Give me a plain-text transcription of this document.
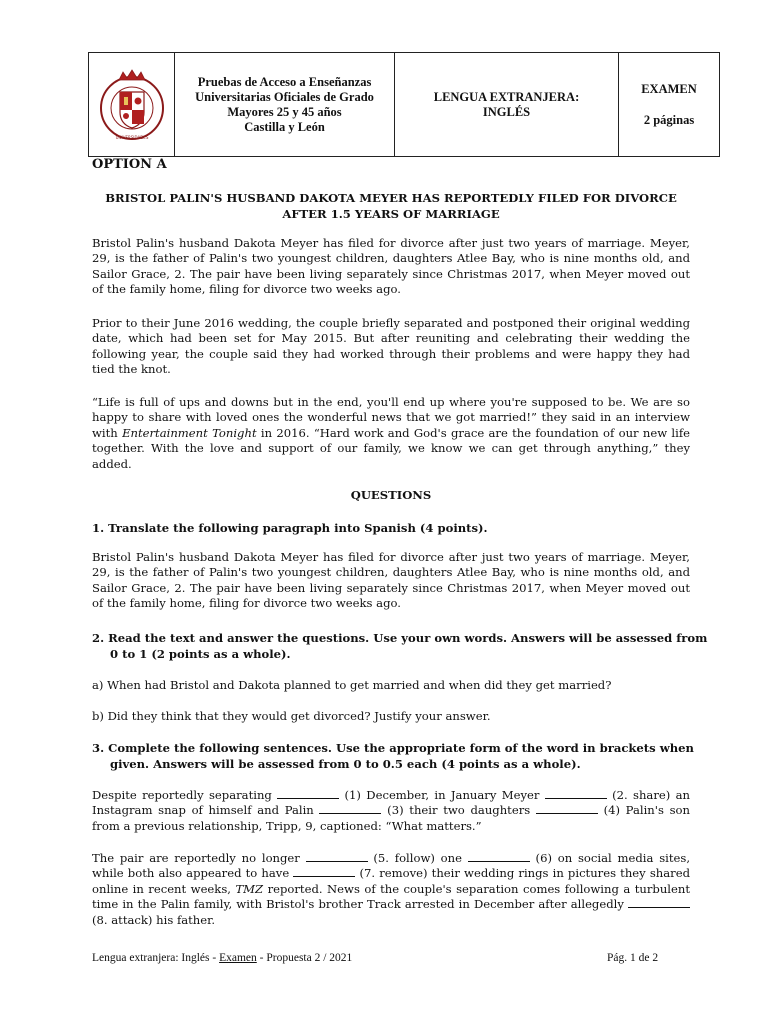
UNIVERSIDADES
Pruebas de Acceso a Enseñanzas
Universitarias Oficiales de Grado
Mayores 25 y 45 años
Castilla y León
LENGUA EXTRANJERA:
INGLÉS
EXAMEN
2 páginas
OPTION A
BRISTOL PALIN'S HUSBAND DAKOTA MEYER HAS REPORTEDLY FILED FOR DIVORCE AFTER 1.5 YEARS OF MARRIAGE
Bristol Palin's husband Dakota Meyer has filed for divorce after just two years of marriage. Meyer, 29, is the father of Palin's two youngest children, daughters Atlee Bay, who is nine months old, and Sailor Grace, 2. The pair have been living separately since Christmas 2017, when Meyer moved out of the family home, filing for divorce two weeks ago.
Prior to their June 2016 wedding, the couple briefly separated and postponed their original wedding date, which had been set for May 2015. But after reuniting and celebrating their wedding the following year, the couple said they had worked through their problems and were happy they had tied the knot.
“Life is full of ups and downs but in the end, you'll end up where you're supposed to be. We are so happy to share with loved ones the wonderful news that we got married!” they said in an interview with Entertainment Tonight in 2016. “Hard work and God's grace are the foundation of our new life together. With the love and support of our family, we know we can get through anything,” they added.
QUESTIONS
1. Translate the following paragraph into Spanish (4 points).
Bristol Palin's husband Dakota Meyer has filed for divorce after just two years of marriage. Meyer, 29, is the father of Palin's two youngest children, daughters Atlee Bay, who is nine months old, and Sailor Grace, 2. The pair have been living separately since Christmas 2017, when Meyer moved out of the family home, filing for divorce two weeks ago.
2. Read the text and answer the questions. Use your own words. Answers will be assessed from
0 to 1 (2 points as a whole).
a) When had Bristol and Dakota planned to get married and when did they get married?
b) Did they think that they would get divorced? Justify your answer.
3. Complete the following sentences. Use the appropriate form of the word in brackets when
given. Answers will be assessed from 0 to 0.5 each (4 points as a whole).
Despite reportedly separating	(1) December, in January Meyer	(2. share) an Instagram snap of himself and Palin	(3) their two daughters	(4) Palin's son from a previous relationship, Tripp, 9, captioned: “What matters.”
The pair are reportedly no longer	(5. follow) one	(6) on social media sites, while both also appeared to have	(7. remove) their wedding rings in pictures they shared online in recent weeks, TMZ reported. News of the couple's separation comes following a turbulent time in the Palin family, with Bristol's brother Track arrested in December after allegedly  (8. attack) his father.
Lengua extranjera: Inglés - Examen - Propuesta 2 / 2021	Pág. 1 de 2
